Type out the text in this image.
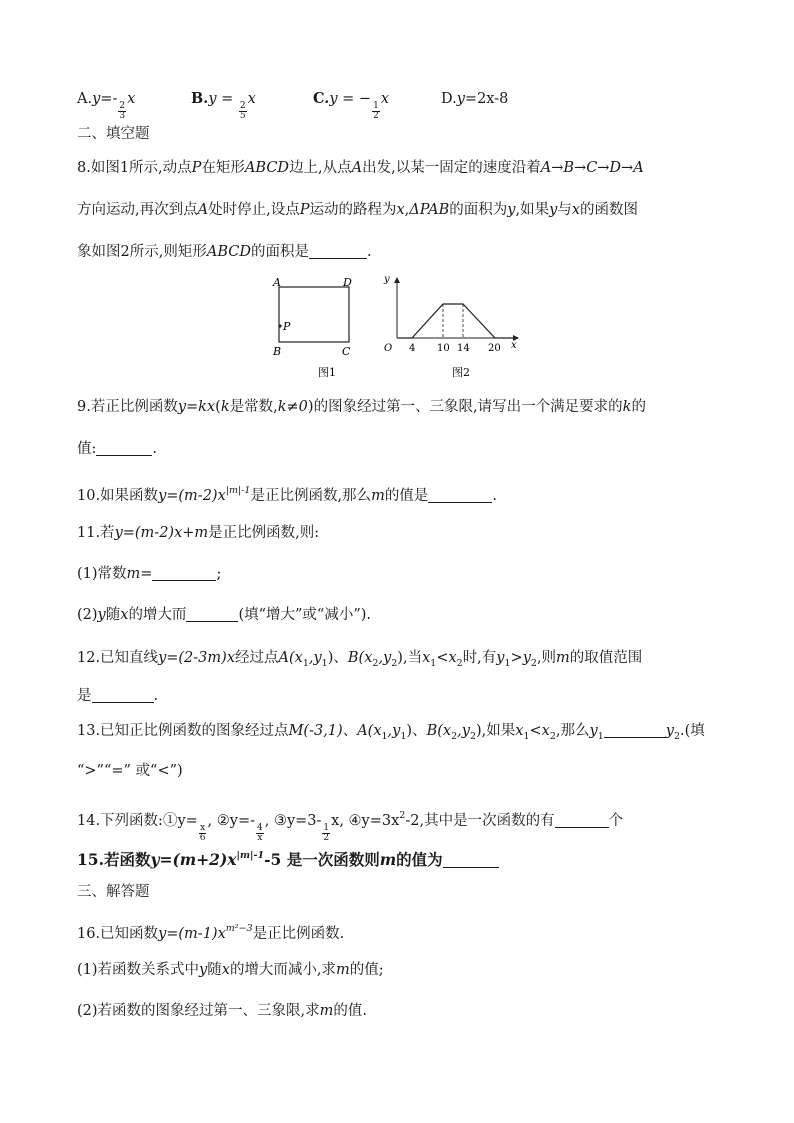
A.y=-
$\frac{2}{3}$
x	B.y =
$\frac{2}{5}$
x	C.y = −
$\frac{1}{2}$
x	D.y=2x-8
二、填空题
8.如图1所示,动点P在矩形ABCD边上,从点A出发,以某一固定的速度沿着A→B→C→D→A
方向运动,再次到点A处时停止,设点P运动的路程为x,ΔPAB的面积为y,如果y与x的函数图
象如图2所示,则矩形ABCD的面积是	.
A	D
B	C
P
图1
y
x
O 4 10 14 20
图2
9.若正比例函数y=kx(k是常数,k≠0)的图象经过第一、三象限,请写出一个满足要求的k的
值:	.
10.如果函数$y=(m-2)x^{|m|-1}$是正比例函数,那么m的值是	.
11.若y=(m-2)x+m是正比例函数,则:
(1)常数m=	;
(2)y随x的增大而	(填“增大”或“减小”).
12.已知直线y=(2-3m)x经过点$A(x_1,y_1)$、$B(x_2,y_2)$,当$x_1<x_2$时,有$y_1>y_2$,则m的取值范围
是	.
13.已知正比例函数的图象经过点M(-3,1)、$A(x_1,y_1)$、$B(x_2,y_2)$,如果$x_1<x_2$,那么$y_1$	$y_2$.(填
“>”“=” 或“<”)
14.下列函数:①y=
$\frac{x}{6}$
, ②y=-
$\frac{4}{x}$
, ③y=3-
$\frac{1}{2}$
x, $④y=3x^2-2$,其中是一次函数的有	个
15.若函数$y=(m+2)x^{|m|-1}-5$ 是一次函数则m的值为
三、解答题
16.已知函数$y=(m-1)x^{m^2-3}$是正比例函数.
(1)若函数关系式中y随x的增大而减小,求m的值;
(2)若函数的图象经过第一、三象限,求m的值.
